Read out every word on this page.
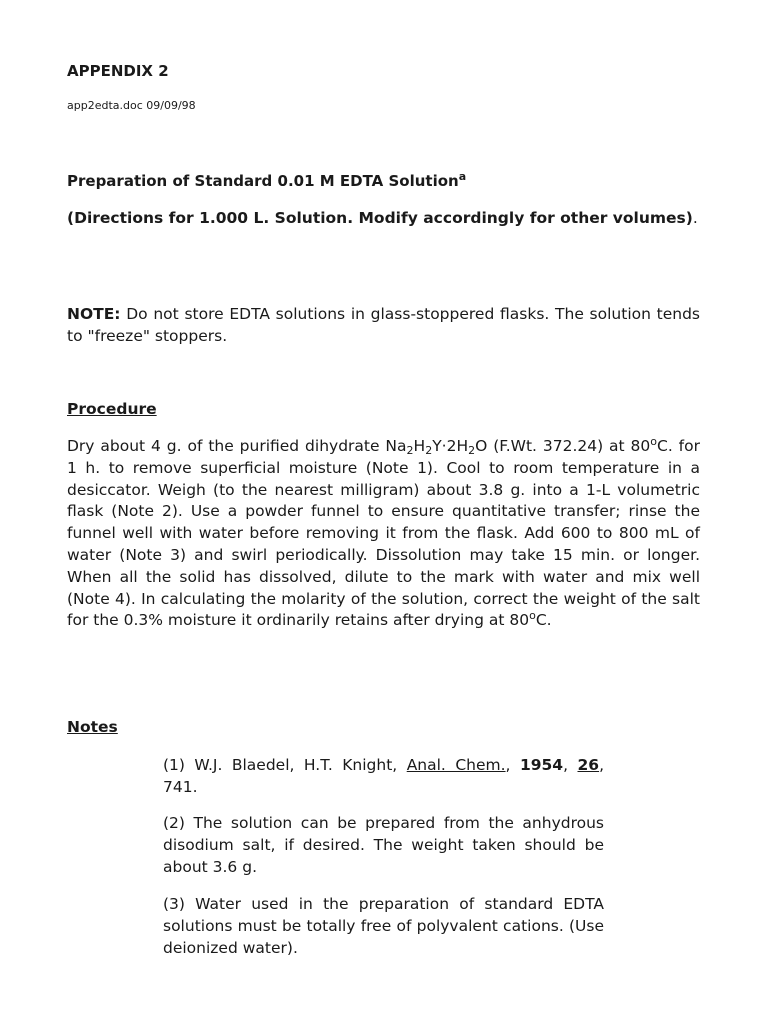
APPENDIX 2
app2edta.doc 09/09/98
Preparation of Standard 0.01 M EDTA Solution$^a$
(Directions for 1.000 L. Solution. Modify accordingly for other volumes).
NOTE: Do not store EDTA solutions in glass-stoppered flasks. The solution tends to "freeze" stoppers.
Procedure
Dry about 4 g. of the purified dihydrate $Na_2H_2Y\cdot 2H_2O$ (F.Wt. 372.24) at 80$^o$C. for 1 h. to remove superficial moisture (Note 1). Cool to room temperature in a desiccator. Weigh (to the nearest milligram) about 3.8 g. into a 1-L volumetric flask (Note 2). Use a powder funnel to ensure quantitative transfer; rinse the funnel well with water before removing it from the flask. Add 600 to 800 mL of water (Note 3) and swirl periodically. Dissolution may take 15 min. or longer. When all the solid has dissolved, dilute to the mark with water and mix well (Note 4). In calculating the molarity of the solution, correct the weight of the salt for the 0.3% moisture it ordinarily retains after drying at 80$^o$C.
Notes
(1) W.J. Blaedel, H.T. Knight, Anal. Chem., 1954, 26, 741.
(2) The solution can be prepared from the anhydrous disodium salt, if desired. The weight taken should be about 3.6 g.
(3) Water used in the preparation of standard EDTA solutions must be totally free of polyvalent cations. (Use deionized water).
